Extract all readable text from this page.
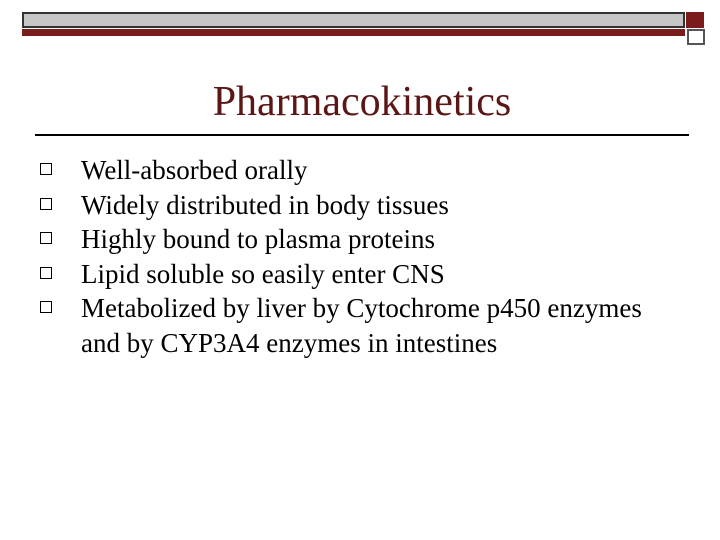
Pharmacokinetics
Well-absorbed orally
Widely distributed in body tissues
Highly bound to plasma proteins
Lipid soluble so easily enter CNS
Metabolized by liver by Cytochrome p450 enzymes and by CYP3A4 enzymes in intestines
